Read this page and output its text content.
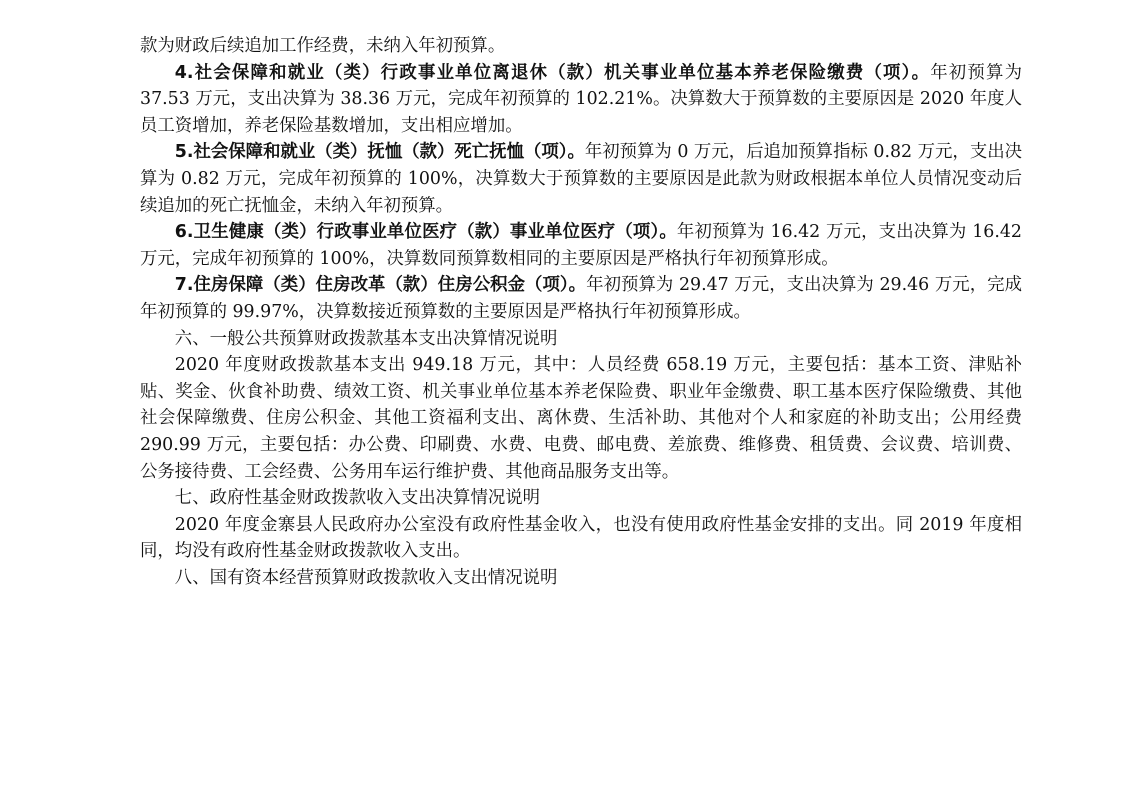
款为财政后续追加工作经费，未纳入年初预算。

4.社会保障和就业（类）行政事业单位离退休（款）机关事业单位基本养老保险缴费（项）。年初预算为 37.53 万元，支出决算为 38.36 万元，完成年初预算的 102.21%。决算数大于预算数的主要原因是 2020 年度人员工资增加，养老保险基数增加，支出相应增加。

5.社会保障和就业（类）抚恤（款）死亡抚恤（项）。年初预算为 0 万元，后追加预算指标 0.82 万元，支出决算为 0.82 万元，完成年初预算的 100%，决算数大于预算数的主要原因是此款为财政根据本单位人员情况变动后续追加的死亡抚恤金，未纳入年初预算。

6.卫生健康（类）行政事业单位医疗（款）事业单位医疗（项）。年初预算为 16.42 万元，支出决算为 16.42 万元，完成年初预算的 100%，决算数同预算数相同的主要原因是严格执行年初预算形成。

7.住房保障（类）住房改革（款）住房公积金（项）。年初预算为 29.47 万元，支出决算为 29.46 万元，完成年初预算的 99.97%，决算数接近预算数的主要原因是严格执行年初预算形成。

六、一般公共预算财政拨款基本支出决算情况说明

2020 年度财政拨款基本支出 949.18 万元，其中：人员经费 658.19 万元，主要包括：基本工资、津贴补贴、奖金、伙食补助费、绩效工资、机关事业单位基本养老保险费、职业年金缴费、职工基本医疗保险缴费、其他社会保障缴费、住房公积金、其他工资福利支出、离休费、生活补助、其他对个人和家庭的补助支出；公用经费 290.99 万元，主要包括：办公费、印刷费、水费、电费、邮电费、差旅费、维修费、租赁费、会议费、培训费、公务接待费、工会经费、公务用车运行维护费、其他商品服务支出等。

七、政府性基金财政拨款收入支出决算情况说明

2020 年度金寨县人民政府办公室没有政府性基金收入，也没有使用政府性基金安排的支出。同 2019 年度相同，均没有政府性基金财政拨款收入支出。

八、国有资本经营预算财政拨款收入支出情况说明
